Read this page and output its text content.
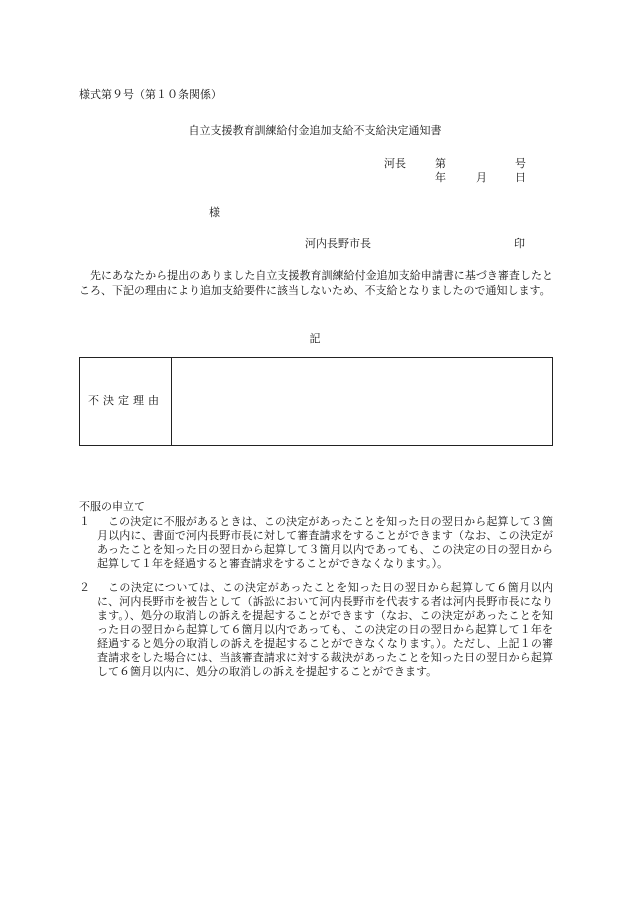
様式第９号（第１０条関係）
自立支援教育訓練給付金追加支給不支給決定通知書
河長	第	号
年	月	日
様
河内長野市長	印
先にあなたから提出のありました自立支援教育訓練給付金追加支給申請書に基づき審査したところ、下記の理由により追加支給要件に該当しないため、不支給となりましたので通知します。
記
不決定理由
不服の申立て
１	この決定に不服があるときは、この決定があったことを知った日の翌日から起算して３箇月以内に、書面で河内長野市長に対して審査請求をすることができます（なお、この決定があったことを知った日の翌日から起算して３箇月以内であっても、この決定の日の翌日から起算して１年を経過すると審査請求をすることができなくなります。）。
２	この決定については、この決定があったことを知った日の翌日から起算して６箇月以内に、河内長野市を被告として（訴訟において河内長野市を代表する者は河内長野市長になります。）、処分の取消しの訴えを提起することができます（なお、この決定があったことを知った日の翌日から起算して６箇月以内であっても、この決定の日の翌日から起算して１年を経過すると処分の取消しの訴えを提起することができなくなります。）。ただし、上記１の審査請求をした場合には、当該審査請求に対する裁決があったことを知った日の翌日から起算して６箇月以内に、処分の取消しの訴えを提起することができます。
